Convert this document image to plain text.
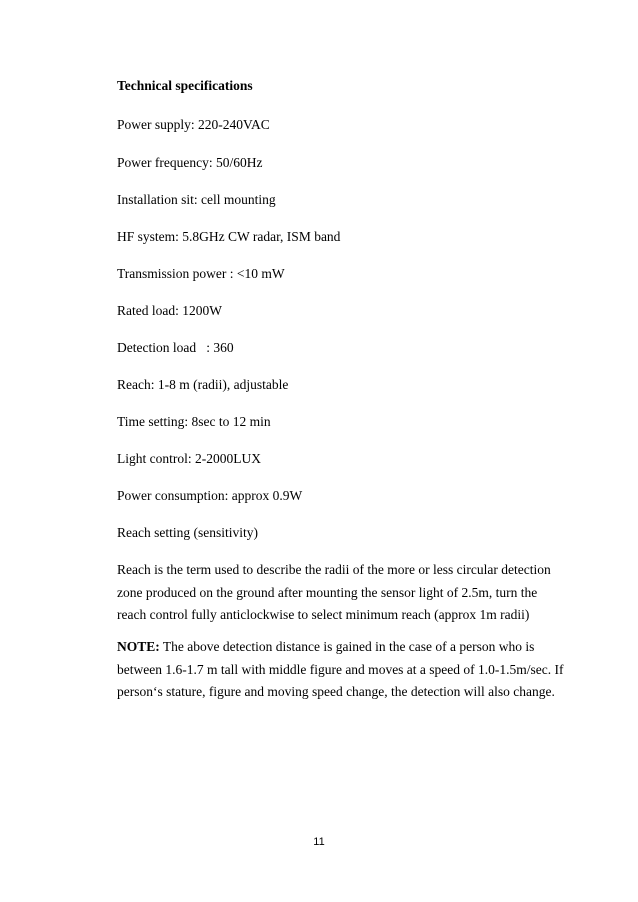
Technical specifications
Power supply: 220-240VAC
Power frequency: 50/60Hz
Installation sit: cell mounting
HF system: 5.8GHz CW radar, ISM band
Transmission power : <10 mW
Rated load: 1200W
Detection load   : 360
Reach: 1-8 m (radii), adjustable
Time setting: 8sec to 12 min
Light control: 2-2000LUX
Power consumption: approx 0.9W
Reach setting (sensitivity)
Reach is the term used to describe the radii of the more or less circular detection
zone produced on the ground after mounting the sensor light of 2.5m, turn the
reach control fully anticlockwise to select minimum reach (approx 1m radii)
NOTE: The above detection distance is gained in the case of a person who is
between 1.6-1.7 m tall with middle figure and moves at a speed of 1.0-1.5m/sec. If
person‘s stature, figure and moving speed change, the detection will also change.
11
